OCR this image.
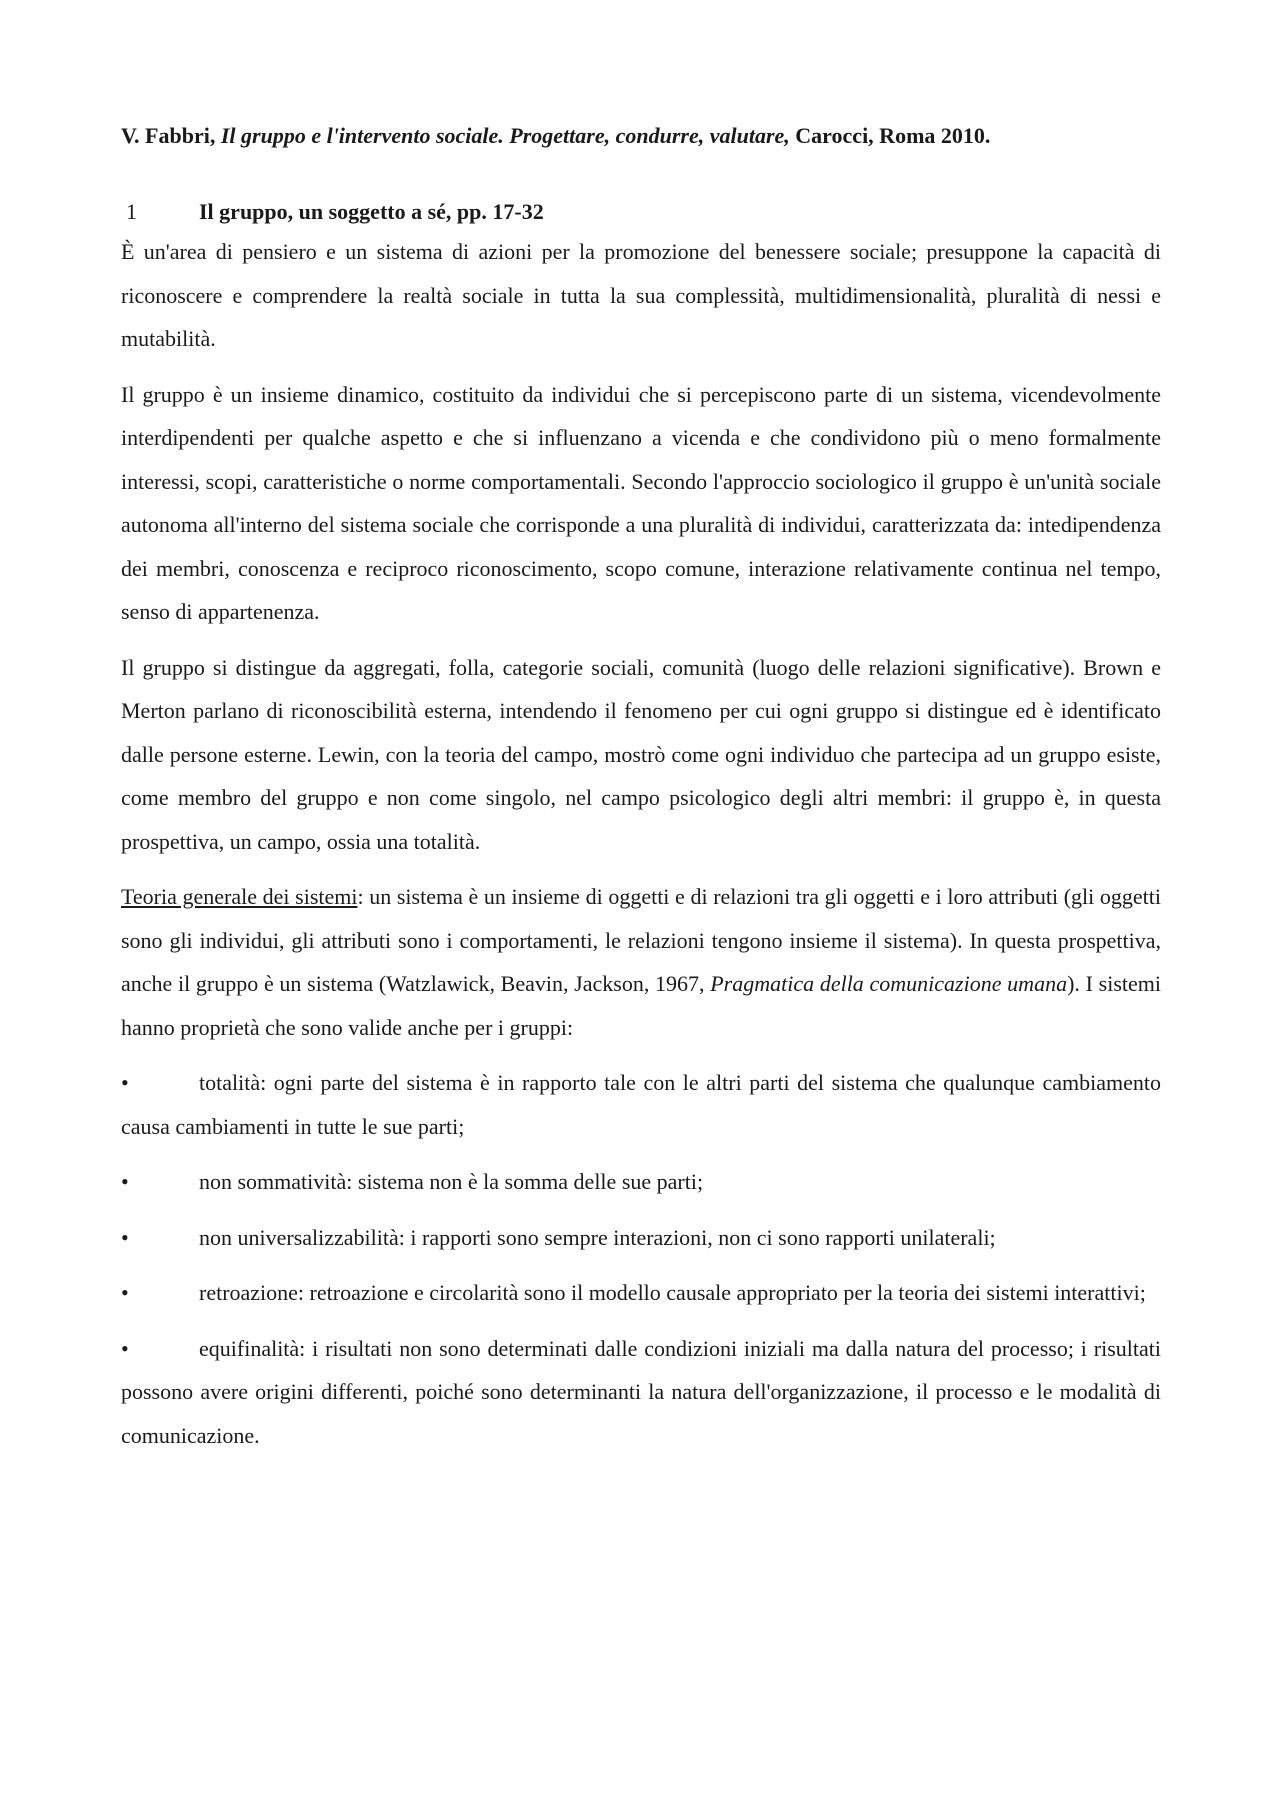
V. Fabbri, Il gruppo e l'intervento sociale. Progettare, condurre, valutare, Carocci, Roma 2010.
1	Il gruppo, un soggetto a sé, pp. 17-32

È un'area di pensiero e un sistema di azioni per la promozione del benessere sociale; presuppone la capacità di riconoscere e comprendere la realtà sociale in tutta la sua complessità, multidimensionalità, pluralità di nessi e mutabilità.

Il gruppo è un insieme dinamico, costituito da individui che si percepiscono parte di un sistema, vicendevolmente interdipendenti per qualche aspetto e che si influenzano a vicenda e che condividono più o meno formalmente interessi, scopi, caratteristiche o norme comportamentali. Secondo l'approccio sociologico il gruppo è un'unità sociale autonoma all'interno del sistema sociale che corrisponde a una pluralità di individui, caratterizzata da: intedipendenza dei membri, conoscenza e reciproco riconoscimento, scopo comune, interazione relativamente continua nel tempo, senso di appartenenza.

Il gruppo si distingue da aggregati, folla, categorie sociali, comunità (luogo delle relazioni significative). Brown e Merton parlano di riconoscibilità esterna, intendendo il fenomeno per cui ogni gruppo si distingue ed è identificato dalle persone esterne. Lewin, con la teoria del campo, mostrò come ogni individuo che partecipa ad un gruppo esiste, come membro del gruppo e non come singolo, nel campo psicologico degli altri membri: il gruppo è, in questa prospettiva, un campo, ossia una totalità.

Teoria generale dei sistemi: un sistema è un insieme di oggetti e di relazioni tra gli oggetti e i loro attributi (gli oggetti sono gli individui, gli attributi sono i comportamenti, le relazioni tengono insieme il sistema). In questa prospettiva, anche il gruppo è un sistema (Watzlawick, Beavin, Jackson, 1967, Pragmatica della comunicazione umana). I sistemi hanno proprietà che sono valide anche per i gruppi:

•	totalità: ogni parte del sistema è in rapporto tale con le altri parti del sistema che qualunque cambiamento causa cambiamenti in tutte le sue parti;
•	non sommatività: sistema non è la somma delle sue parti;
•	non universalizzabilità: i rapporti sono sempre interazioni, non ci sono rapporti unilaterali;
•	retroazione: retroazione e circolarità sono il modello causale appropriato per la teoria dei sistemi interattivi;
•	equifinalità: i risultati non sono determinati dalle condizioni iniziali ma dalla natura del processo; i risultati possono avere origini differenti, poiché sono determinanti la natura dell'organizzazione, il processo e le modalità di comunicazione.
